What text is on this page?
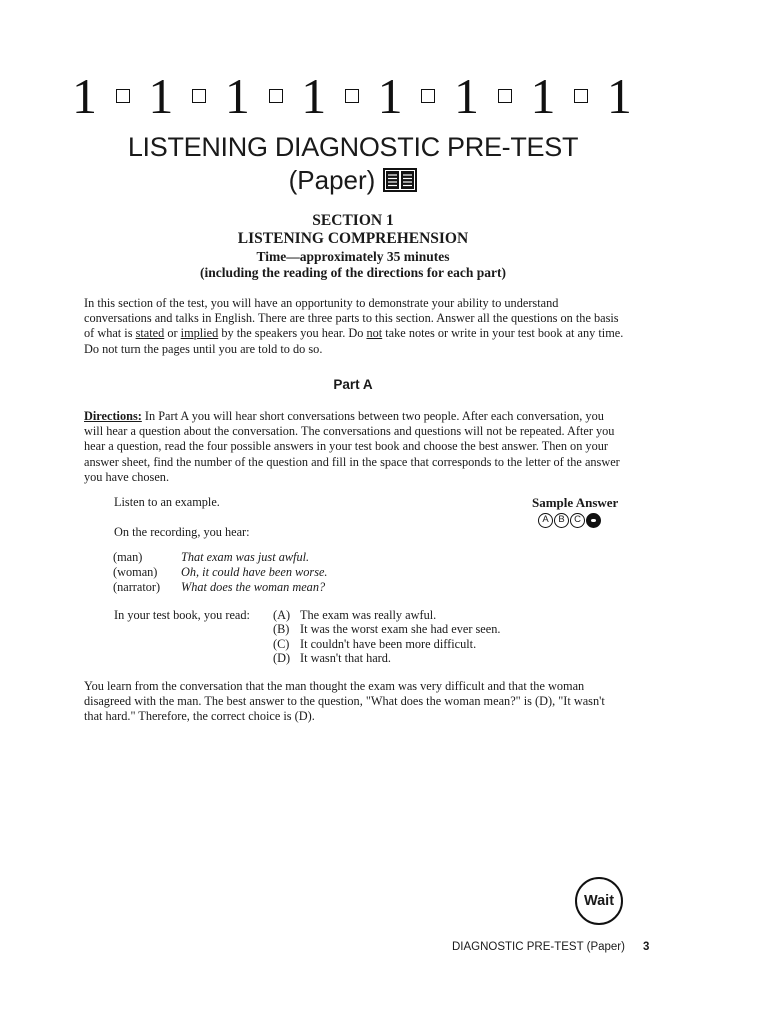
1 1 1 1 1 1 1 1
LISTENING DIAGNOSTIC PRE-TEST
(Paper)
SECTION 1
LISTENING COMPREHENSION
Time—approximately 35 minutes
(including the reading of the directions for each part)
In this section of the test, you will have an opportunity to demonstrate your ability to understand conversations and talks in English. There are three parts to this section. Answer all the questions on the basis of what is stated or implied by the speakers you hear. Do not take notes or write in your test book at any time. Do not turn the pages until you are told to do so.
Part A
Directions: In Part A you will hear short conversations between two people. After each conversation, you will hear a question about the conversation. The conversations and questions will not be repeated. After you hear a question, read the four possible answers in your test book and choose the best answer. Then on your answer sheet, find the number of the question and fill in the space that corresponds to the letter of the answer you have chosen.
Listen to an example.	Sample Answer
A	B C
On the recording, you hear:
(man)	That exam was just awful.
(woman) Oh, it could have been worse.
(narrator) What does the woman mean?
In your test book, you read: (A) The exam was really awful.
(B) It was the worst exam she had ever seen.
(C) It couldn't have been more difficult.
(D) It wasn't that hard.
You learn from the conversation that the man thought the exam was very difficult and that the woman disagreed with the man. The best answer to the question, "What does the woman mean?" is (D), "It wasn't that hard." Therefore, the correct choice is (D).
Wait
DIAGNOSTIC PRE-TEST (Paper) 3
